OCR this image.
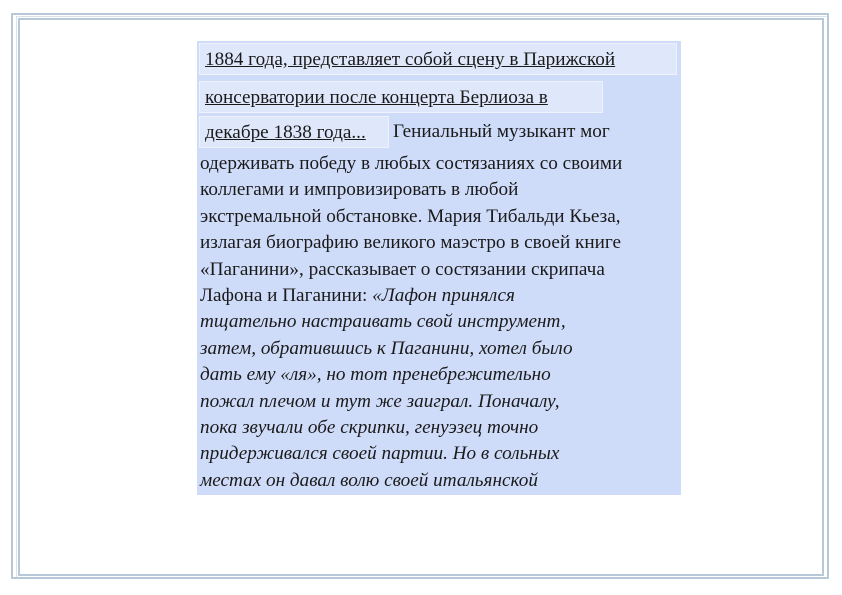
1884 года, представляет собой сцену в Парижской
консерватории после концерта Берлиоза в
декабре 1838 года...	Гениальный музыкант мог
одерживать победу в любых состязаниях со своими
коллегами и импровизировать в любой
экстремальной обстановке. Мария Тибальди Кьеза,
излагая биографию великого маэстро в своей книге
«Паганини», рассказывает о состязании скрипача
Лафона и Паганини: «Лафон принялся
тщательно настраивать свой инструмент,
затем, обратившись к Паганини, хотел было
дать ему «ля», но тот пренебрежительно
пожал плечом и тут же заиграл. Поначалу,
пока звучали обе скрипки, генуэзец точно
придерживался своей партии. Но в сольных
местах он давал волю своей итальянской
